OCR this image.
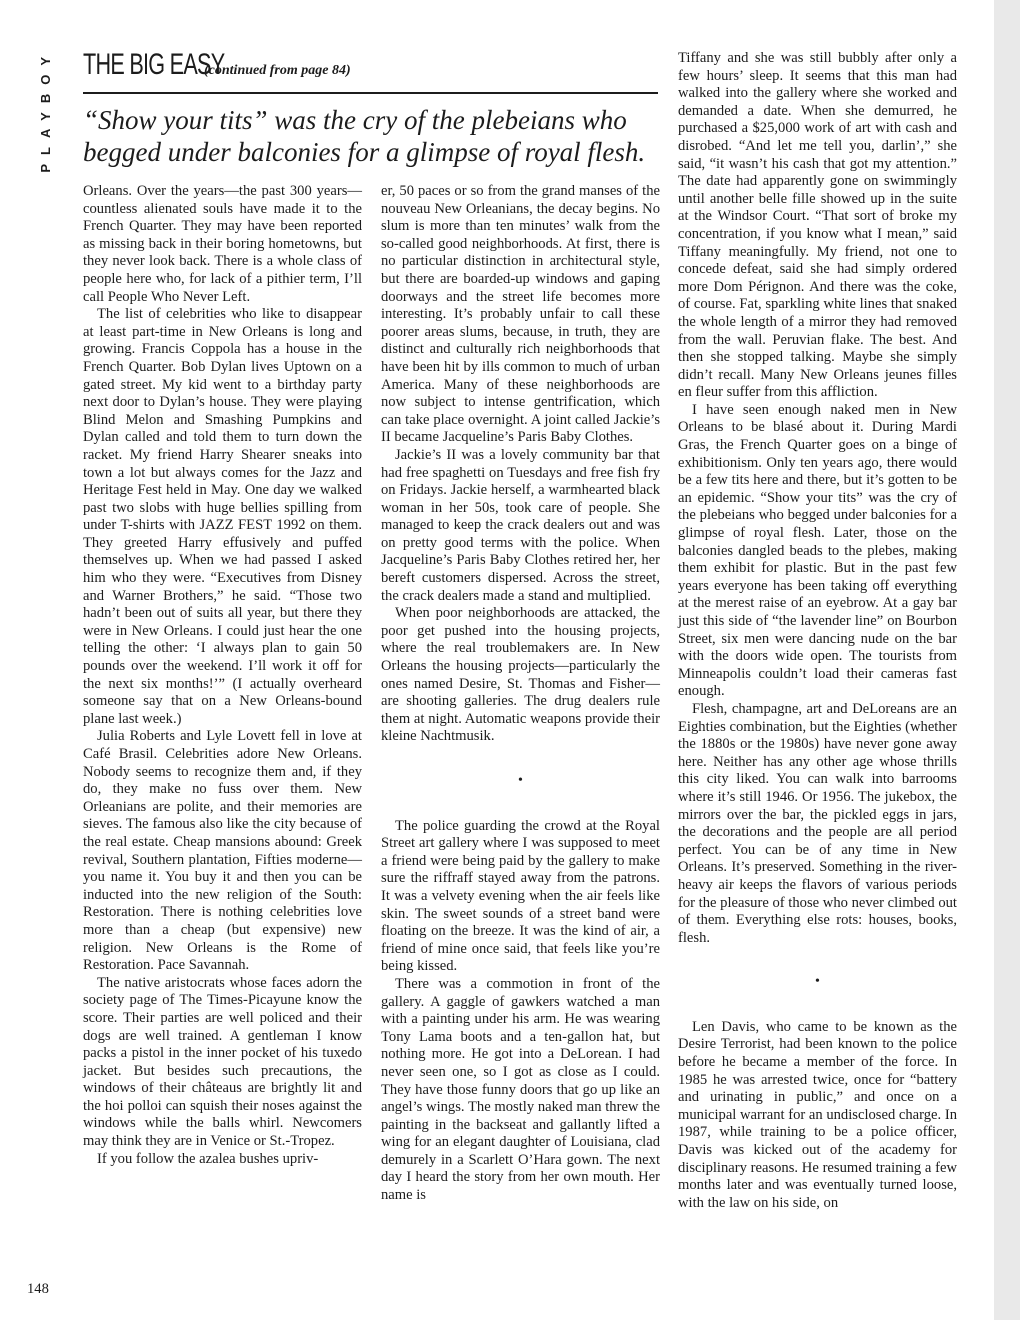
PLAYBOY THE BIG EASY
(continued from page 84)
“Show your tits” was the cry of the plebeians who begged under balconies for a glimpse of royal flesh.

Orleans. Over the years—the past 300 years—countless alienated souls have made it to the French Quarter. They may have been reported as missing back in their boring hometowns, but they never look back. There is a whole class of people here who, for lack of a pithier term, I’ll call People Who Never Left.

The list of celebrities who like to disappear at least part-time in New Orleans is long and growing. Francis Coppola has a house in the French Quarter. Bob Dylan lives Uptown on a gated street. My kid went to a birthday party next door to Dylan’s house. They were playing Blind Melon and Smashing Pumpkins and Dylan called and told them to turn down the racket. My friend Harry Shearer sneaks into town a lot but always comes for the Jazz and Heritage Fest held in May. One day we walked past two slobs with huge bellies spilling from under T-shirts with JAZZ FEST 1992 on them. They greeted Harry effusively and puffed themselves up. When we had passed I asked him who they were. “Executives from Disney and Warner Brothers,” he said. “Those two hadn’t been out of suits all year, but there they were in New Orleans. I could just hear the one telling the other: ‘I always plan to gain 50 pounds over the weekend. I’ll work it off for the next six months!’” (I actually overheard someone say that on a New Orleans-bound plane last week.)

Julia Roberts and Lyle Lovett fell in love at Café Brasil. Celebrities adore New Orleans. Nobody seems to recognize them and, if they do, they make no fuss over them. New Orleanians are polite, and their memories are sieves. The famous also like the city because of the real estate. Cheap mansions abound: Greek revival, Southern plantation, Fifties moderne—you name it. You buy it and then you can be inducted into the new religion of the South: Restoration. There is nothing celebrities love more than a cheap (but expensive) new religion. New Orleans is the Rome of Restoration. Pace Savannah.

The native aristocrats whose faces adorn the society page of The Times-Picayune know the score. Their parties are well policed and their dogs are well trained. A gentleman I know packs a pistol in the inner pocket of his tuxedo jacket. But besides such precautions, the windows of their châteaus are brightly lit and the hoi polloi can squish their noses against the windows while the balls whirl. Newcomers may think they are in Venice or St.-Tropez.

If you follow the azalea bushes upriv-

er, 50 paces or so from the grand manses of the nouveau New Orleanians, the decay begins. No slum is more than ten minutes’ walk from the so-called good neighborhoods. At first, there is no particular distinction in architectural style, but there are boarded-up windows and gaping doorways and the street life becomes more interesting. It’s probably unfair to call these poorer areas slums, because, in truth, they are distinct and culturally rich neighborhoods that have been hit by ills common to much of urban America. Many of these neighborhoods are now subject to intense gentrification, which can take place overnight. A joint called Jackie’s II became Jacqueline’s Paris Baby Clothes.

Jackie’s II was a lovely community bar that had free spaghetti on Tuesdays and free fish fry on Fridays. Jackie herself, a warmhearted black woman in her 50s, took care of people. She managed to keep the crack dealers out and was on pretty good terms with the police. When Jacqueline’s Paris Baby Clothes retired her, her bereft customers dispersed. Across the street, the crack dealers made a stand and multiplied.

When poor neighborhoods are attacked, the poor get pushed into the housing projects, where the real troublemakers are. In New Orleans the housing projects—particularly the ones named Desire, St. Thomas and Fisher—are shooting galleries. The drug dealers rule them at night. Automatic weapons provide their kleine Nachtmusik.

•

The police guarding the crowd at the Royal Street art gallery where I was supposed to meet a friend were being paid by the gallery to make sure the riffraff stayed away from the patrons. It was a velvety evening when the air feels like skin. The sweet sounds of a street band were floating on the breeze. It was the kind of air, a friend of mine once said, that feels like you’re being kissed.

There was a commotion in front of the gallery. A gaggle of gawkers watched a man with a painting under his arm. He was wearing Tony Lama boots and a ten-gallon hat, but nothing more. He got into a DeLorean. I had never seen one, so I got as close as I could. They have those funny doors that go up like an angel’s wings. The mostly naked man threw the painting in the backseat and gallantly lifted a wing for an elegant daughter of Louisiana, clad demurely in a Scarlett O’Hara gown. The next day I heard the story from her own mouth. Her name is

Tiffany and she was still bubbly after only a few hours’ sleep. It seems that this man had walked into the gallery where she worked and demanded a date. When she demurred, he purchased a $25,000 work of art with cash and disrobed. “And let me tell you, darlin’,” she said, “it wasn’t his cash that got my attention.” The date had apparently gone on swimmingly until another belle fille showed up in the suite at the Windsor Court. “That sort of broke my concentration, if you know what I mean,” said Tiffany meaningfully. My friend, not one to concede defeat, said she had simply ordered more Dom Pérignon. And there was the coke, of course. Fat, sparkling white lines that snaked the whole length of a mirror they had removed from the wall. Peruvian flake. The best. And then she stopped talking. Maybe she simply didn’t recall. Many New Orleans jeunes filles en fleur suffer from this affliction.

I have seen enough naked men in New Orleans to be blasé about it. During Mardi Gras, the French Quarter goes on a binge of exhibitionism. Only ten years ago, there would be a few tits here and there, but it’s gotten to be an epidemic. “Show your tits” was the cry of the plebeians who begged under balconies for a glimpse of royal flesh. Later, those on the balconies dangled beads to the plebes, making them exhibit for plastic. But in the past few years everyone has been taking off everything at the merest raise of an eyebrow. At a gay bar just this side of “the lavender line” on Bourbon Street, six men were dancing nude on the bar with the doors wide open. The tourists from Minneapolis couldn’t load their cameras fast enough.

Flesh, champagne, art and DeLoreans are an Eighties combination, but the Eighties (whether the 1880s or the 1980s) have never gone away here. Neither has any other age whose thrills this city liked. You can walk into barrooms where it’s still 1946. Or 1956. The jukebox, the mirrors over the bar, the pickled eggs in jars, the decorations and the people are all period perfect. You can be of any time in New Orleans. It’s preserved. Something in the river-heavy air keeps the flavors of various periods for the pleasure of those who never climbed out of them. Everything else rots: houses, books, flesh.

•

Len Davis, who came to be known as the Desire Terrorist, had been known to the police before he became a member of the force. In 1985 he was arrested twice, once for “battery and urinating in public,” and once on a municipal warrant for an undisclosed charge. In 1987, while training to be a police officer, Davis was kicked out of the academy for disciplinary reasons. He resumed training a few months later and was eventually turned loose, with the law on his side, on

148
